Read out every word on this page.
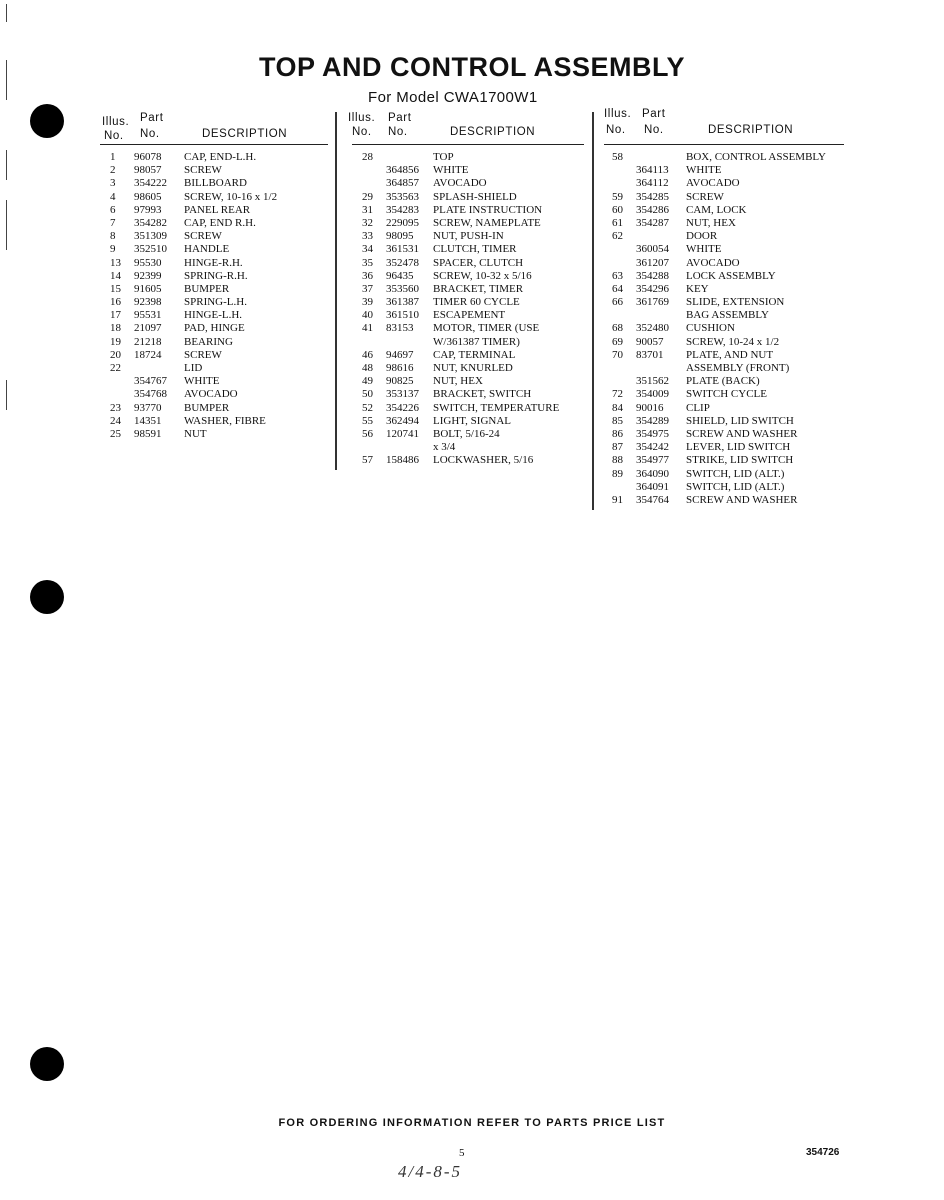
TOP AND CONTROL ASSEMBLY
For Model CWA1700W1
Illus. Part
No. No.	DESCRIPTION
1 96078 CAP, END-L.H.
2 98057 SCREW
3 354222 BILLBOARD
4 98605 SCREW, 10-16 x 1/2
6 97993 PANEL REAR
7 354282 CAP, END R.H.
8 351309 SCREW
9 352510 HANDLE
13 95530 HINGE-R.H.
14 92399 SPRING-R.H.
15 91605 BUMPER
16 92398 SPRING-L.H.
17 95531 HINGE-L.H.
18 21097 PAD, HINGE
19 21218 BEARING
20 18724 SCREW
22	LID
354767 WHITE
354768 AVOCADO
23 93770 BUMPER
24 14351 WASHER, FIBRE
25 98591 NUT
Illus. Part
No. No.	DESCRIPTION
28	TOP
364856 WHITE
364857 AVOCADO
29 353563 SPLASH-SHIELD
31 354283 PLATE INSTRUCTION
32 229095 SCREW, NAMEPLATE
33 98095 NUT, PUSH-IN
34 361531 CLUTCH, TIMER
35 352478 SPACER, CLUTCH
36 96435 SCREW, 10-32 x 5/16
37 353560 BRACKET, TIMER
39 361387 TIMER 60 CYCLE
40 361510 ESCAPEMENT
41 83153 MOTOR, TIMER (USE
W/361387 TIMER)
46 94697 CAP, TERMINAL
48 98616 NUT, KNURLED
49 90825 NUT, HEX
50 353137 BRACKET, SWITCH
52 354226 SWITCH, TEMPERATURE
55 362494 LIGHT, SIGNAL
56 120741 BOLT, 5/16-24
x 3/4
57 158486 LOCKWASHER, 5/16
Illus. Part
No. No.	DESCRIPTION
58	BOX, CONTROL ASSEMBLY
364113 WHITE
364112 AVOCADO
59 354285 SCREW
60 354286 CAM, LOCK
61 354287 NUT, HEX
62	DOOR
360054 WHITE
361207 AVOCADO
63 354288 LOCK ASSEMBLY
64 354296 KEY
66 361769 SLIDE, EXTENSION
BAG ASSEMBLY
68 352480 CUSHION
69 90057 SCREW, 10-24 x 1/2
70 83701 PLATE, AND NUT
ASSEMBLY (FRONT)
351562 PLATE (BACK)
72 354009 SWITCH CYCLE
84 90016 CLIP
85 354289 SHIELD, LID SWITCH
86 354975 SCREW AND WASHER
87 354242 LEVER, LID SWITCH
88 354977 STRIKE, LID SWITCH
89 364090 SWITCH, LID (ALT.)
364091 SWITCH, LID (ALT.)
91 354764 SCREW AND WASHER
FOR ORDERING INFORMATION REFER TO PARTS PRICE LIST
5	354726
4/4-8-5
